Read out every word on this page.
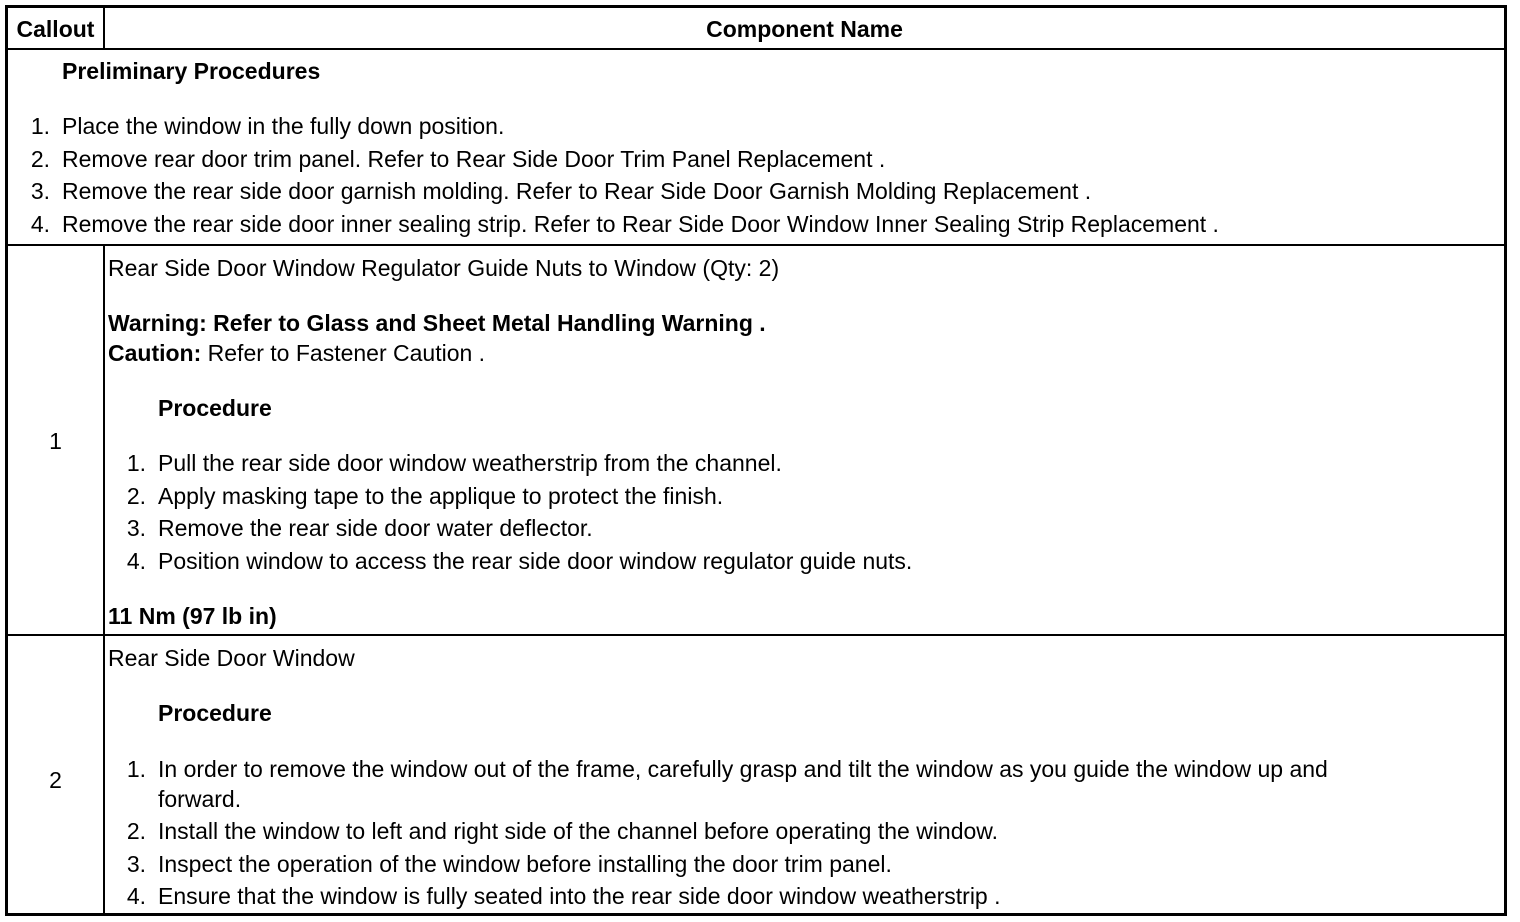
Callout	Component Name
Preliminary Procedures
1. Place the window in the fully down position.
2. Remove rear door trim panel. Refer to Rear Side Door Trim Panel Replacement .
3. Remove the rear side door garnish molding. Refer to Rear Side Door Garnish Molding Replacement .
4. Remove the rear side door inner sealing strip. Refer to Rear Side Door Window Inner Sealing Strip Replacement .
1
Rear Side Door Window Regulator Guide Nuts to Window (Qty: 2)
Warning: Refer to Glass and Sheet Metal Handling Warning .
Caution: Refer to Fastener Caution .
Procedure
1. Pull the rear side door window weatherstrip from the channel.
2. Apply masking tape to the applique to protect the finish.
3. Remove the rear side door water deflector.
4. Position window to access the rear side door window regulator guide nuts.
11 Nm (97 lb in)
2
Rear Side Door Window
Procedure
1. In order to remove the window out of the frame, carefully grasp and tilt the window as you guide the window up and
forward.
2. Install the window to left and right side of the channel before operating the window.
3. Inspect the operation of the window before installing the door trim panel.
4. Ensure that the window is fully seated into the rear side door window weatherstrip .
